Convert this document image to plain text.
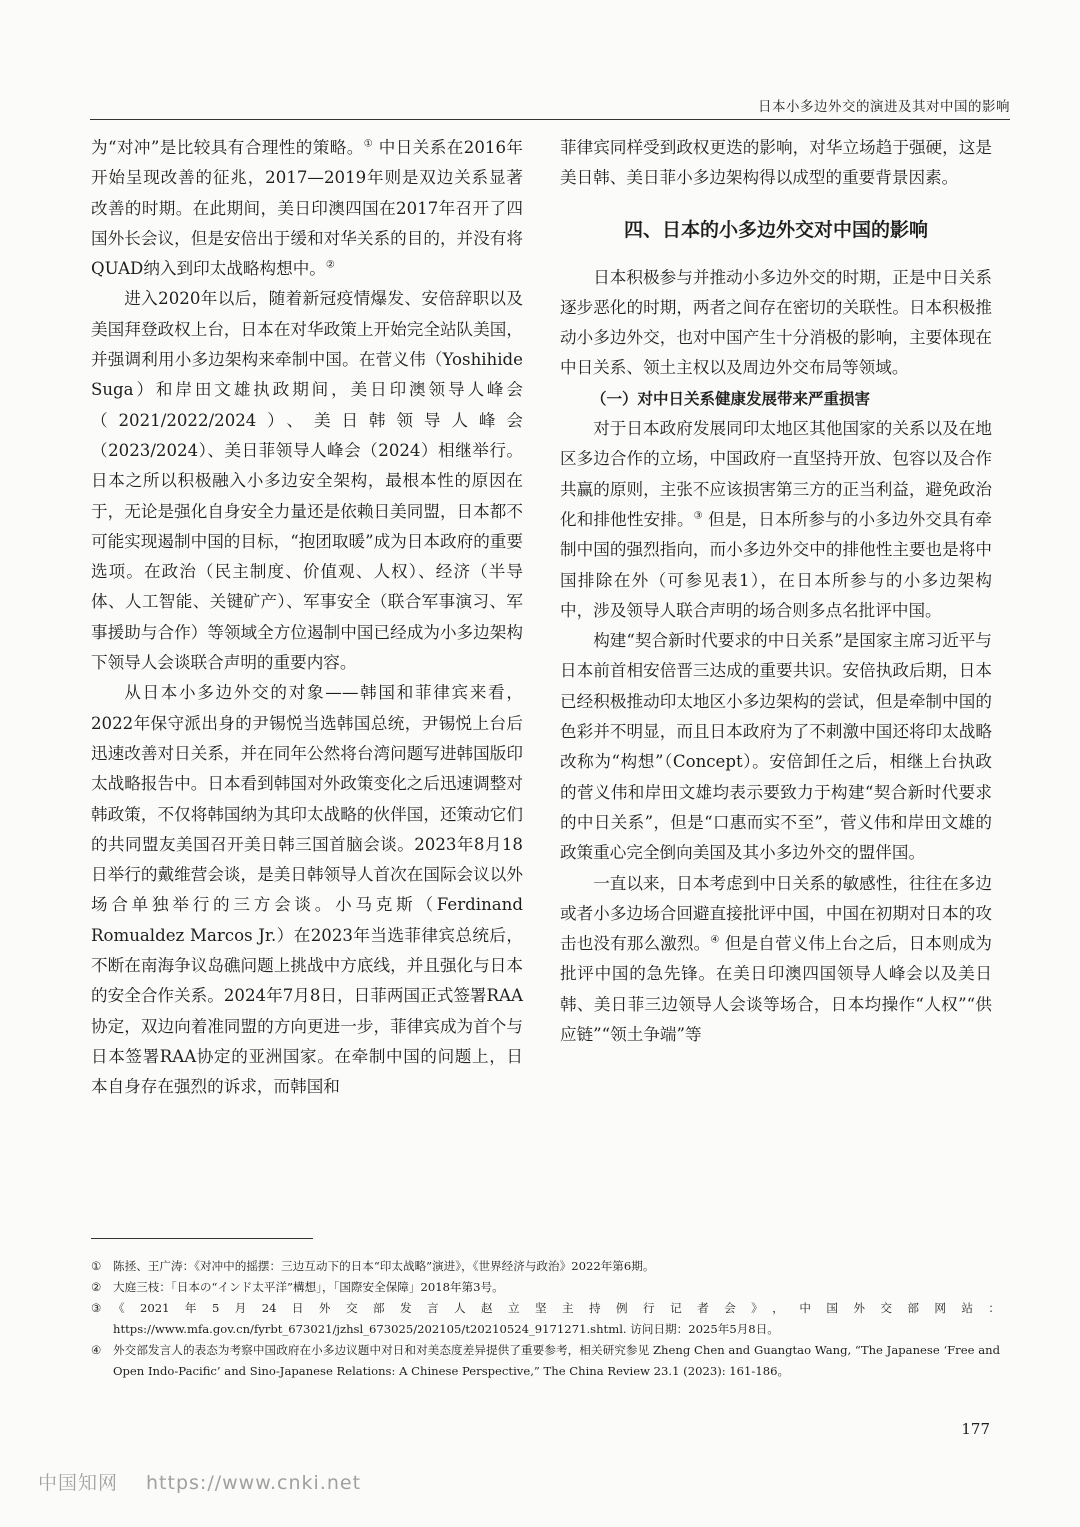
日本小多边外交的演进及其对中国的影响

为“对冲”是比较具有合理性的策略。① 中日关系在2016年开始呈现改善的征兆，2017—2019年则是双边关系显著改善的时期。在此期间，美日印澳四国在2017年召开了四国外长会议，但是安倍出于缓和对华关系的目的，并没有将QUAD纳入到印太战略构想中。②

进入2020年以后，随着新冠疫情爆发、安倍辞职以及美国拜登政权上台，日本在对华政策上开始完全站队美国，并强调利用小多边架构来牵制中国。在菅义伟（Yoshihide Suga）和岸田文雄执政期间，美日印澳领导人峰会（2021/2022/2024）、美日韩领导人峰会（2023/2024）、美日菲领导人峰会（2024）相继举行。日本之所以积极融入小多边安全架构，最根本性的原因在于，无论是强化自身安全力量还是依赖日美同盟，日本都不可能实现遏制中国的目标，“抱团取暖”成为日本政府的重要选项。在政治（民主制度、价值观、人权）、经济（半导体、人工智能、关键矿产）、军事安全（联合军事演习、军事援助与合作）等领域全方位遏制中国已经成为小多边架构下领导人会谈联合声明的重要内容。

从日本小多边外交的对象——韩国和菲律宾来看，2022年保守派出身的尹锡悦当选韩国总统，尹锡悦上台后迅速改善对日关系，并在同年公然将台湾问题写进韩国版印太战略报告中。日本看到韩国对外政策变化之后迅速调整对韩政策，不仅将韩国纳为其印太战略的伙伴国，还策动它们的共同盟友美国召开美日韩三国首脑会谈。2023年8月18日举行的戴维营会谈，是美日韩领导人首次在国际会议以外场合单独举行的三方会谈。小马克斯（Ferdinand Romualdez Marcos Jr.）在2023年当选菲律宾总统后，不断在南海争议岛礁问题上挑战中方底线，并且强化与日本的安全合作关系。2024年7月8日，日菲两国正式签署RAA协定，双边向着准同盟的方向更进一步，菲律宾成为首个与日本签署RAA协定的亚洲国家。在牵制中国的问题上，日本自身存在强烈的诉求，而韩国和

菲律宾同样受到政权更迭的影响，对华立场趋于强硬，这是美日韩、美日菲小多边架构得以成型的重要背景因素。

四、日本的小多边外交对中国的影响

日本积极参与并推动小多边外交的时期，正是中日关系逐步恶化的时期，两者之间存在密切的关联性。日本积极推动小多边外交，也对中国产生十分消极的影响，主要体现在中日关系、领土主权以及周边外交布局等领域。

（一）对中日关系健康发展带来严重损害

对于日本政府发展同印太地区其他国家的关系以及在地区多边合作的立场，中国政府一直坚持开放、包容以及合作共赢的原则，主张不应该损害第三方的正当利益，避免政治化和排他性安排。③ 但是，日本所参与的小多边外交具有牵制中国的强烈指向，而小多边外交中的排他性主要也是将中国排除在外（可参见表1），在日本所参与的小多边架构中，涉及领导人联合声明的场合则多点名批评中国。

构建“契合新时代要求的中日关系”是国家主席习近平与日本前首相安倍晋三达成的重要共识。安倍执政后期，日本已经积极推动印太地区小多边架构的尝试，但是牵制中国的色彩并不明显，而且日本政府为了不刺激中国还将印太战略改称为“构想”（Concept）。安倍卸任之后，相继上台执政的菅义伟和岸田文雄均表示要致力于构建“契合新时代要求的中日关系”，但是“口惠而实不至”，菅义伟和岸田文雄的政策重心完全倒向美国及其小多边外交的盟伴国。

一直以来，日本考虑到中日关系的敏感性，往往在多边或者小多边场合回避直接批评中国，中国在初期对日本的攻击也没有那么激烈。④ 但是自菅义伟上台之后，日本则成为批评中国的急先锋。在美日印澳四国领导人峰会以及美日韩、美日菲三边领导人会谈等场合，日本均操作“人权”“供应链”“领土争端”等

① 陈拯、王广涛：《对冲中的摇摆：三边互动下的日本“印太战略”演进》，《世界经济与政治》2022年第6期。
② 大庭三枝：「日本の“インド太平洋”構想」，「国際安全保障」2018年第3号。
③ 《2021年5月24日外交部发言人赵立坚主持例行记者会》，中国外交部网站：https://www.mfa.gov.cn/fyrbt_673021/jzhsl_673025/202105/t20210524_9171271.shtml. 访问日期：2025年5月8日。
④ 外交部发言人的表态为考察中国政府在小多边议题中对日和对美态度差异提供了重要参考，相关研究参见 Zheng Chen and Guangtao Wang, “The Japanese ‘Free and Open Indo-Pacific’ and Sino-Japanese Relations: A Chinese Perspective,” The China Review 23.1 (2023): 161-186。
177
中国知网 https://www.cnki.net
